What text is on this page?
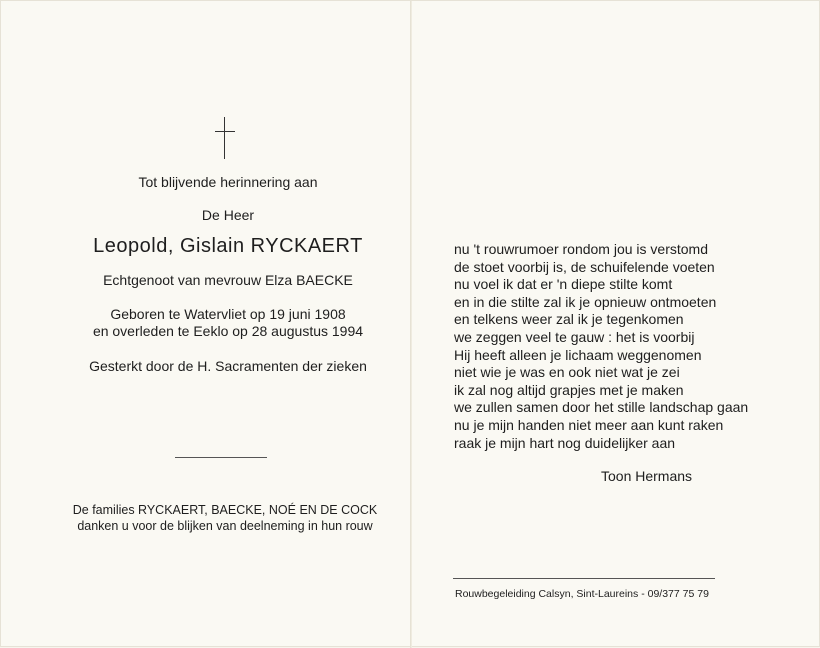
Tot blijvende herinnering aan
De Heer
Leopold, Gislain RYCKAERT
Echtgenoot van mevrouw Elza BAECKE
Geboren te Watervliet op 19 juni 1908
en overleden te Eeklo op 28 augustus 1994
Gesterkt door de H. Sacramenten der zieken
De families RYCKAERT, BAECKE, NOÉ EN DE COCK
danken u voor de blijken van deelneming in hun rouw
nu 't rouwrumoer rondom jou is verstomd
de stoet voorbij is, de schuifelende voeten
nu voel ik dat er 'n diepe stilte komt
en in die stilte zal ik je opnieuw ontmoeten
en telkens weer zal ik je tegenkomen
we zeggen veel te gauw : het is voorbij
Hij heeft alleen je lichaam weggenomen
niet wie je was en ook niet wat je zei
ik zal nog altijd grapjes met je maken
we zullen samen door het stille landschap gaan
nu je mijn handen niet meer aan kunt raken
raak je mijn hart nog duidelijker aan
Toon Hermans
Rouwbegeleiding Calsyn, Sint-Laureins - 09/377 75 79
